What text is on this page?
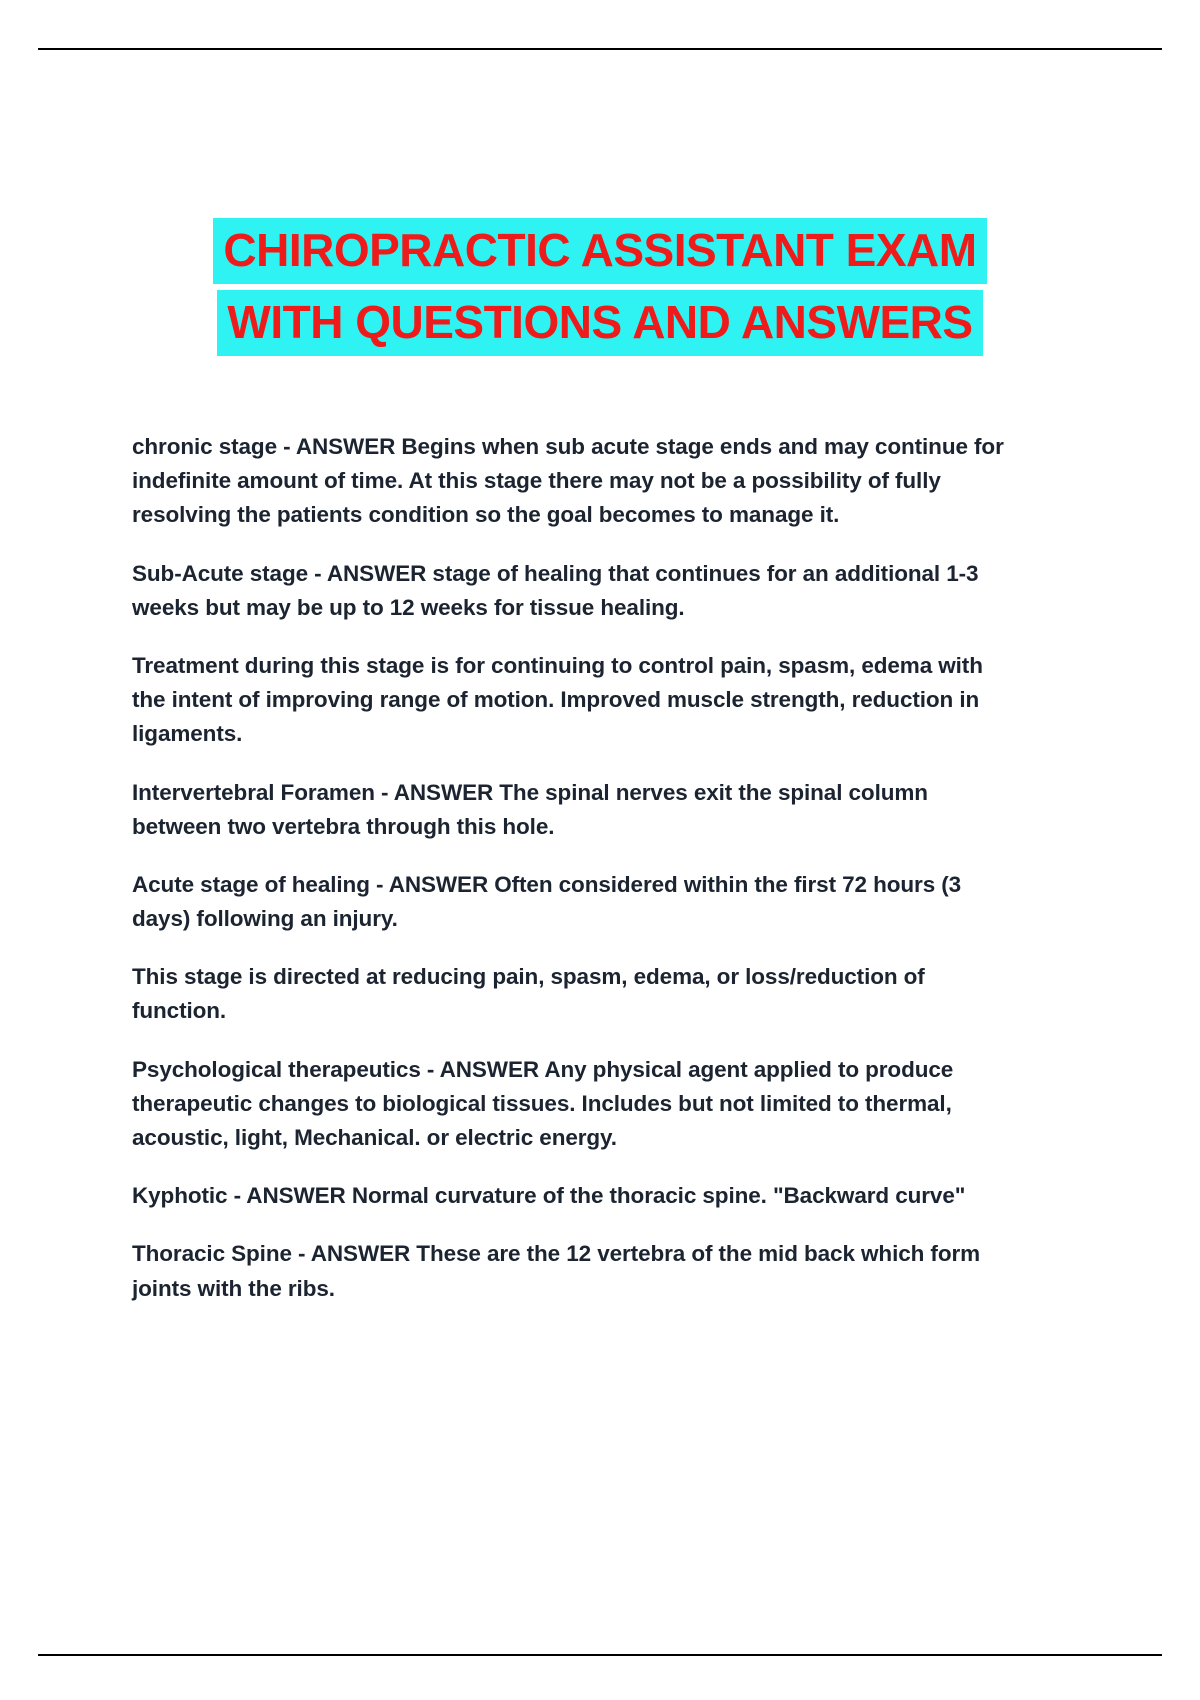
CHIROPRACTIC ASSISTANT EXAM
WITH QUESTIONS AND ANSWERS

chronic stage - ANSWER Begins when sub acute stage ends and may continue for indefinite amount of time. At this stage there may not be a possibility of fully resolving the patients condition so the goal becomes to manage it.

Sub-Acute stage - ANSWER stage of healing that continues for an additional 1-3 weeks but may be up to 12 weeks for tissue healing.

Treatment during this stage is for continuing to control pain, spasm, edema with the intent of improving range of motion. Improved muscle strength, reduction in ligaments.

Intervertebral Foramen - ANSWER The spinal nerves exit the spinal column between two vertebra through this hole.

Acute stage of healing - ANSWER Often considered within the first 72 hours (3 days) following an injury.

This stage is directed at reducing pain, spasm, edema, or loss/reduction of function.

Psychological therapeutics - ANSWER Any physical agent applied to produce therapeutic changes to biological tissues. Includes but not limited to thermal, acoustic, light, Mechanical. or electric energy.

Kyphotic - ANSWER Normal curvature of the thoracic spine. "Backward curve"

Thoracic Spine - ANSWER These are the 12 vertebra of the mid back which form joints with the ribs.
